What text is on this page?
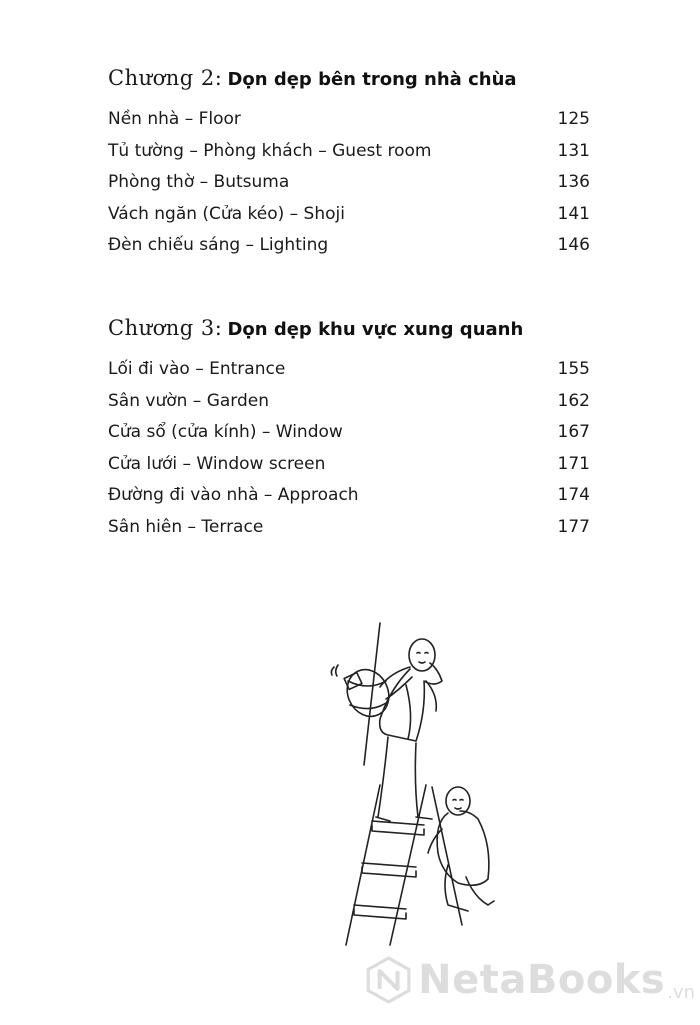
Chương 2: Dọn dẹp bên trong nhà chùa
Nền nhà – Floor	125
Tủ tường – Phòng khách – Guest room	131
Phòng thờ – Butsuma	136
Vách ngăn (Cửa kéo) – Shoji	141
Đèn chiếu sáng – Lighting	146
Chương 3: Dọn dẹp khu vực xung quanh
Lối đi vào – Entrance	155
Sân vườn – Garden	162
Cửa sổ (cửa kính) – Window	167
Cửa lưới – Window screen	171
Đường đi vào nhà – Approach	174
Sân hiên – Terrace	177
NetaBooks .vn
